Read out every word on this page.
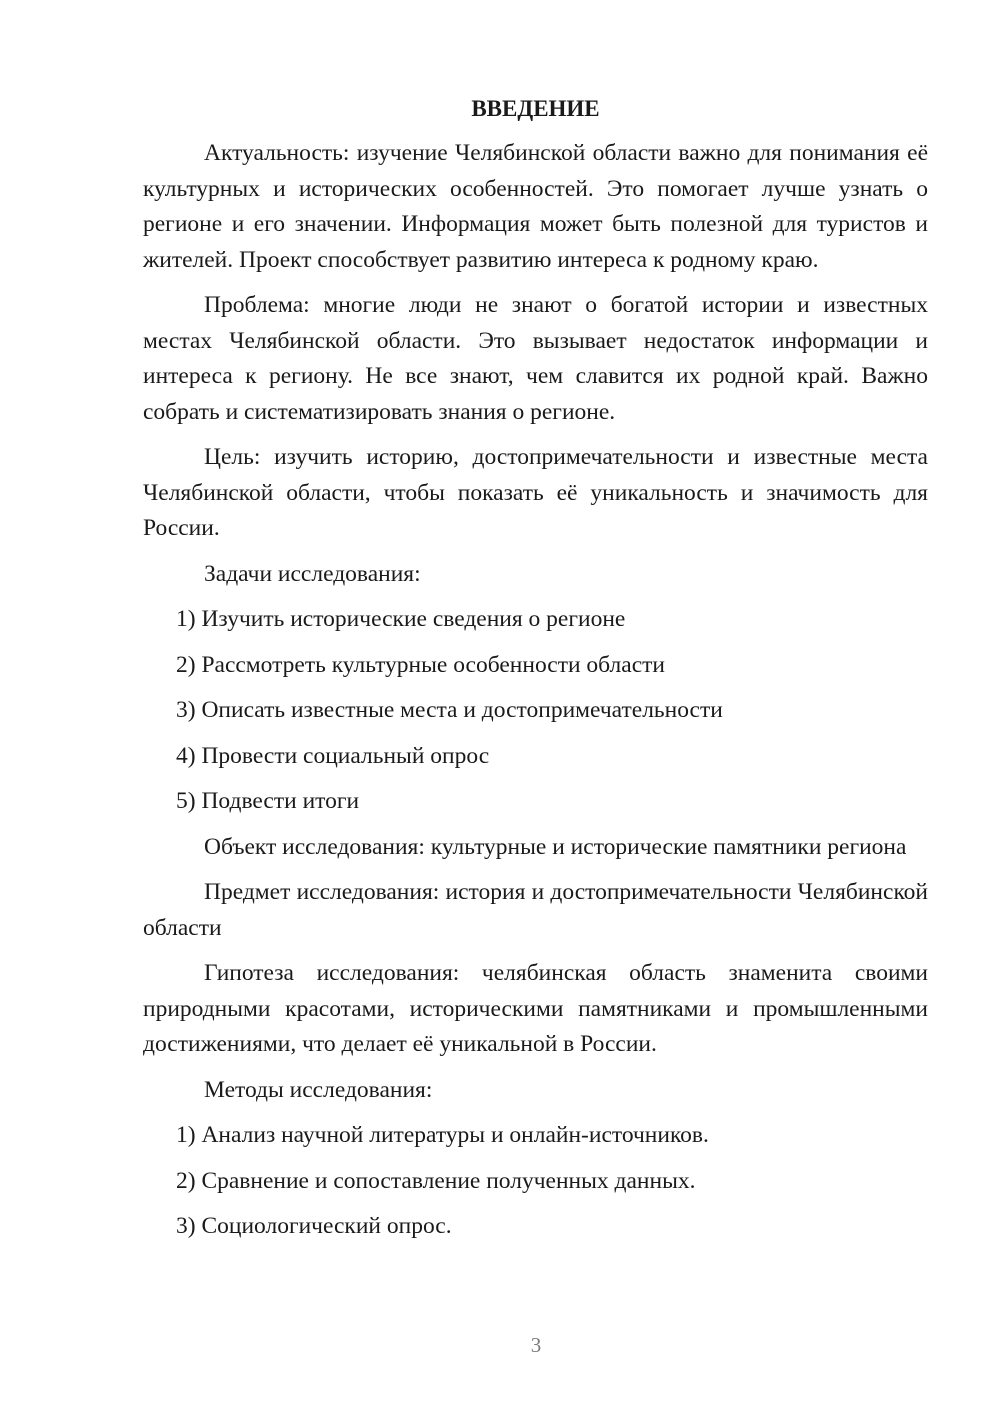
ВВЕДЕНИЕ

Актуальность: изучение Челябинской области важно для понимания её культурных и исторических особенностей. Это помогает лучше узнать о регионе и его значении. Информация может быть полезной для туристов и жителей. Проект способствует развитию интереса к родному краю.

Проблема: многие люди не знают о богатой истории и известных местах Челябинской области. Это вызывает недостаток информации и интереса к региону. Не все знают, чем славится их родной край. Важно собрать и систематизировать знания о регионе.

Цель: изучить историю, достопримечательности и известные места Челябинской области, чтобы показать её уникальность и значимость для России.

Задачи исследования:
1) Изучить исторические сведения о регионе
2) Рассмотреть культурные особенности области
3) Описать известные места и достопримечательности
4) Провести социальный опрос
5) Подвести итоги

Объект исследования: культурные и исторические памятники региона

Предмет исследования: история и достопримечательности Челябинской области

Гипотеза исследования: челябинская область знаменита своими природными красотами, историческими памятниками и промышленными достижениями, что делает её уникальной в России.

Методы исследования:
1) Анализ научной литературы и онлайн-источников.
2) Сравнение и сопоставление полученных данных.
3) Социологический опрос.
3
